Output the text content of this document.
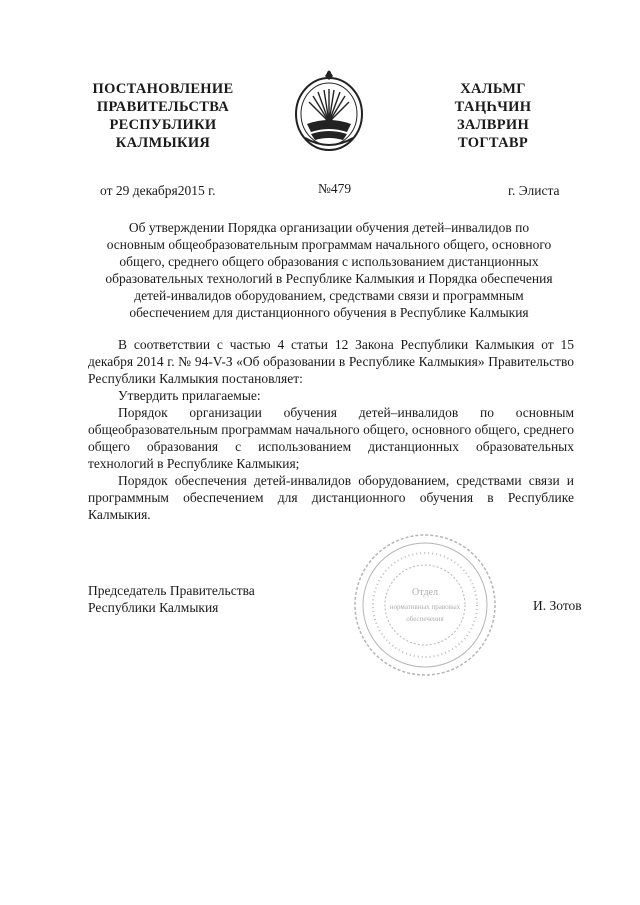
ПОСТАНОВЛЕНИЕ
ПРАВИТЕЛЬСТВА
РЕСПУБЛИКИ
КАЛМЫКИЯ
ХАЛЬМГ
ТАҢҺЧИН
ЗАЛВРИН
ТОГТАВР
от 29 декабря2015 г.	№479	г. Элиста
Об утверждении Порядка организации обучения детей–инвалидов по
основным общеобразовательным программам начального общего, основного
общего, среднего общего образования с использованием дистанционных
образовательных технологий в Республике Калмыкия и Порядка обеспечения
детей-инвалидов оборудованием, средствами связи и программным
обеспечением для дистанционного обучения в Республике Калмыкия

В соответствии с частью 4 статьи 12 Закона Республики Калмыкия от 15 декабря 2014 г. № 94-V-З «Об образовании в Республике Калмыкия» Правительство Республики Калмыкия постановляет:

Утвердить прилагаемые:

Порядок организации обучения детей–инвалидов по основным общеобразовательным программам начального общего, основного общего, среднего общего образования с использованием дистанционных образовательных технологий в Республике Калмыкия;

Порядок обеспечения детей-инвалидов оборудованием, средствами связи и программным обеспечением для дистанционного обучения в Республике Калмыкия.

Отдел
нормативных правовых
обеспечения
Председатель Правительства
Республики Калмыкия	И. Зотов
